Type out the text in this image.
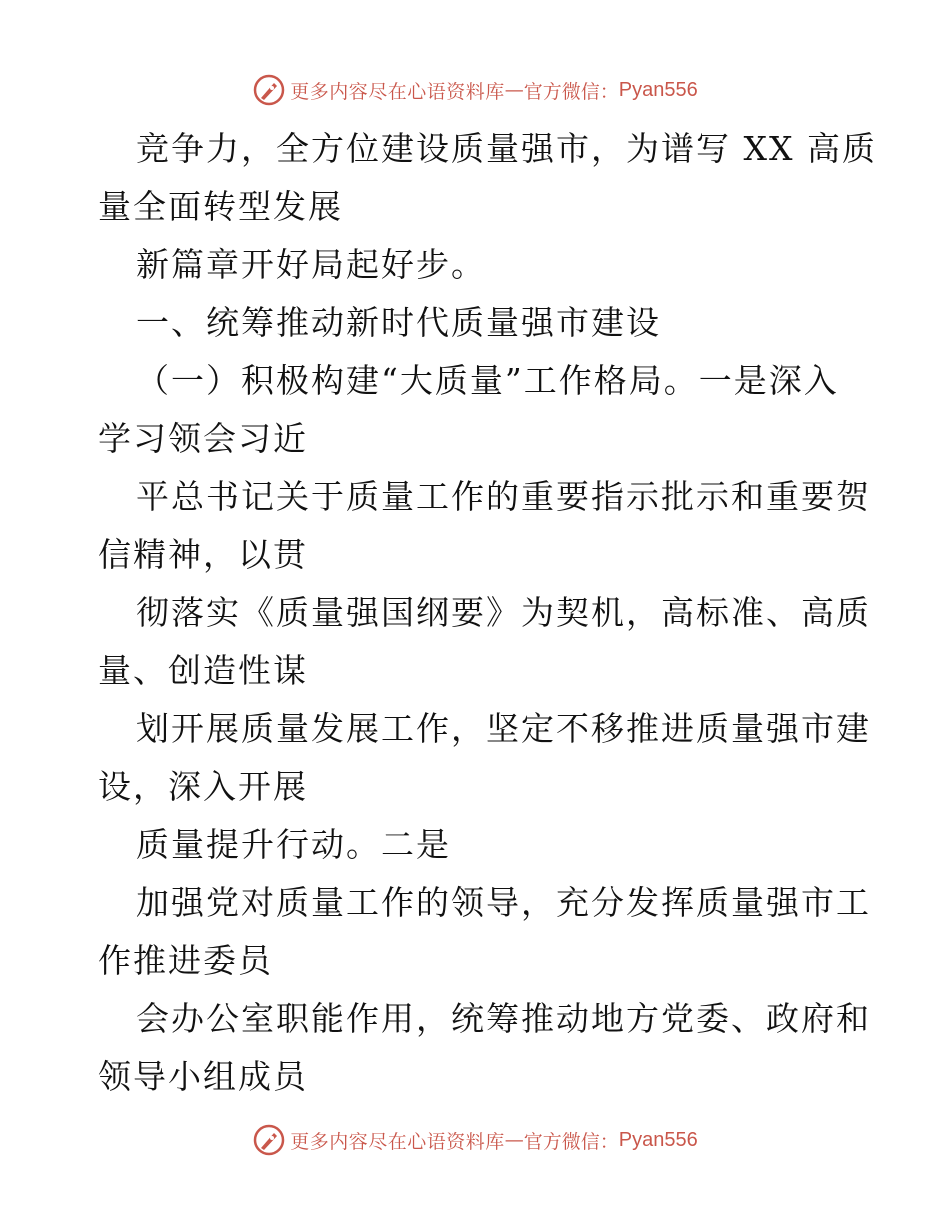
更多内容尽在心语资料库 — 官方微信： Pyan556
竞争力，全方位建设质量强市，为谱写 XX 高质
量全面转型发展
新篇章开好局起好步。
一、统筹推动新时代质量强市建设
（一）积极构建“大质量”工作格局。一是深入
学习领会习近
平总书记关于质量工作的重要指示批示和重要贺
信精神，以贯
彻落实《质量强国纲要》为契机，高标准、高质
量、创造性谋
划开展质量发展工作，坚定不移推进质量强市建
设，深入开展
质量提升行动。二是
加强党对质量工作的领导，充分发挥质量强市工
作推进委员
会办公室职能作用，统筹推动地方党委、政府和
领导小组成员
更多内容尽在心语资料库 — 官方微信： Pyan556
